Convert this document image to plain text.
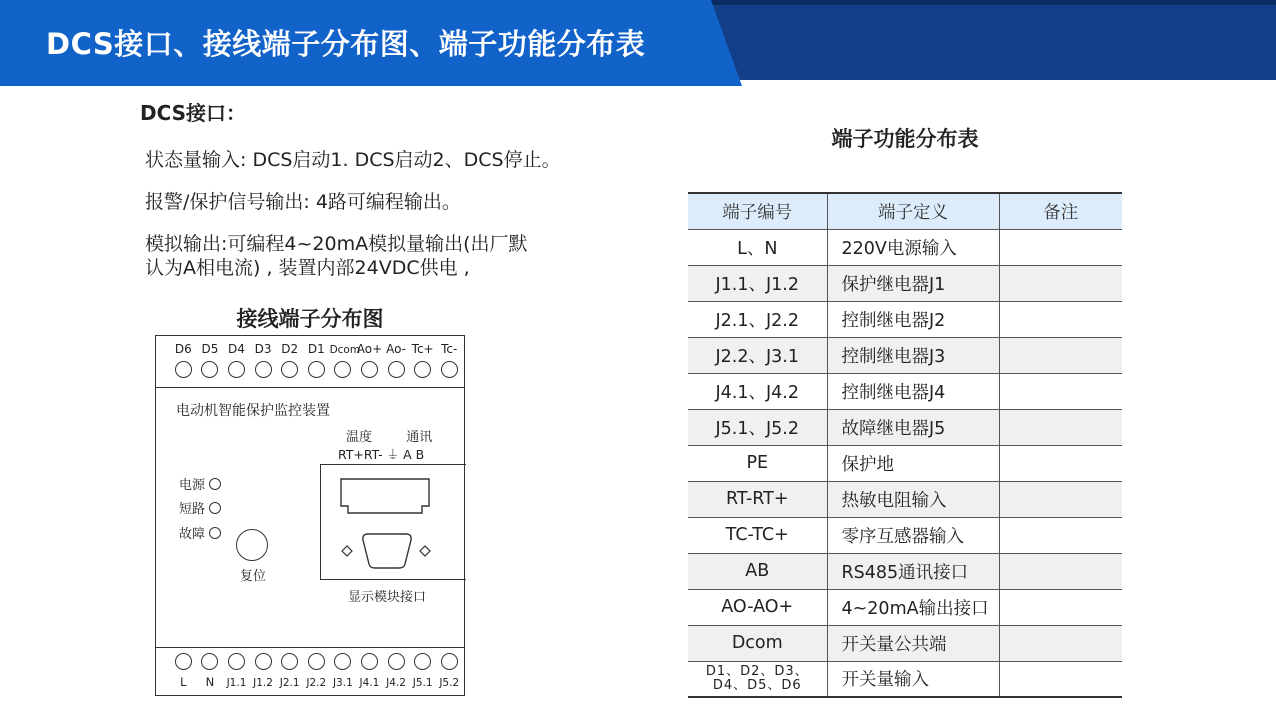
DCS接口、接线端子分布图、端子功能分布表
DCS接口：
状态量输入: DCS启动1. DCS启动2、DCS停止。
报警/保护信号输出: 4路可编程输出。
模拟输出:可编程4~20mA模拟量输出(出厂默
认为A相电流) , 装置内部24VDC供电 ,
接线端子分布图
D6 D5 D4 D3 D2 D1 DcomAo+ Ao- Tc+ Tc-
电动机智能保护监控装置
温度	通讯
RT+RT- ⏚ A B
显示模块接口
电源
短路
故障
复位
L N J1.1 J1.2 J2.1 J2.2 J3.1 J4.1 J4.2 J5.1 J5.2
端子功能分布表
端子编号	端子定义	备注
L、N	220V电源输入	
J1.1、J1.2	保护继电器J1	
J2.1、J2.2	控制继电器J2	
J2.2、J3.1	控制继电器J3	
J4.1、J4.2	控制继电器J4	
J5.1、J5.2	故障继电器J5	
PE	保护地	
RT-RT+	热敏电阻输入	
TC-TC+	零序互感器输入	
AB	RS485通讯接口	
AO-AO+	4~20mA输出接口	
Dcom	开关量公共端	

D1、D2、D3、
D4、D5、D6	开关量输入	
